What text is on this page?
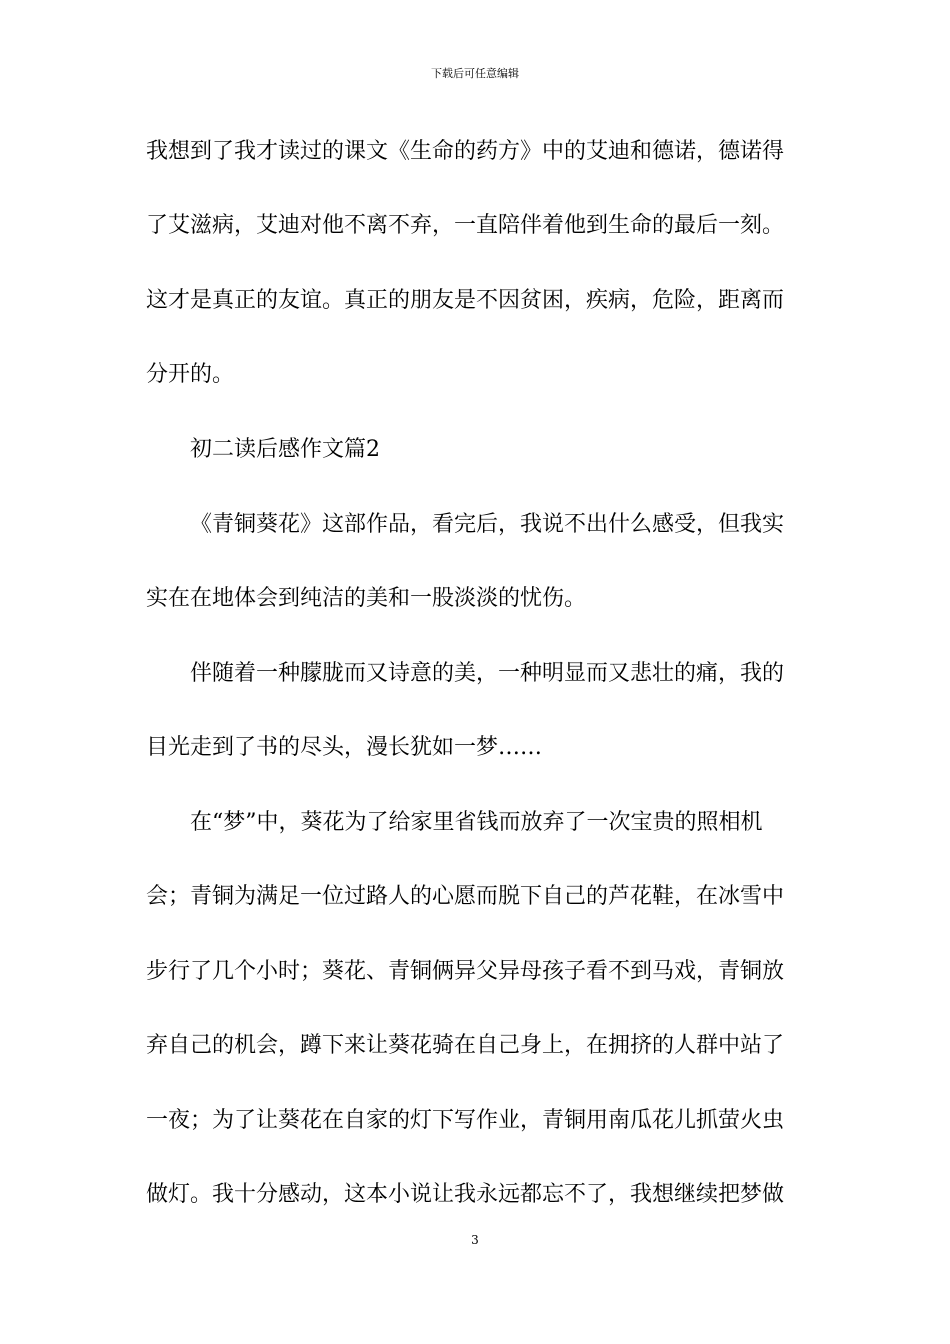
下载后可任意编辑
我想到了我才读过的课文《生命的药方》中的艾迪和德诺，德诺得
了艾滋病，艾迪对他不离不弃，一直陪伴着他到生命的最后一刻。
这才是真正的友谊。真正的朋友是不因贫困，疾病，危险，距离而
分开的。
初二读后感作文篇2
《青铜葵花》这部作品，看完后，我说不出什么感受，但我实
实在在地体会到纯洁的美和一股淡淡的忧伤。
伴随着一种朦胧而又诗意的美，一种明显而又悲壮的痛，我的
目光走到了书的尽头，漫长犹如一梦……
在“梦”中，葵花为了给家里省钱而放弃了一次宝贵的照相机
会；青铜为满足一位过路人的心愿而脱下自己的芦花鞋，在冰雪中
步行了几个小时；葵花、青铜俩异父异母孩子看不到马戏，青铜放
弃自己的机会，蹲下来让葵花骑在自己身上，在拥挤的人群中站了
一夜；为了让葵花在自家的灯下写作业，青铜用南瓜花儿抓萤火虫
做灯。我十分感动，这本小说让我永远都忘不了，我想继续把梦做
3
